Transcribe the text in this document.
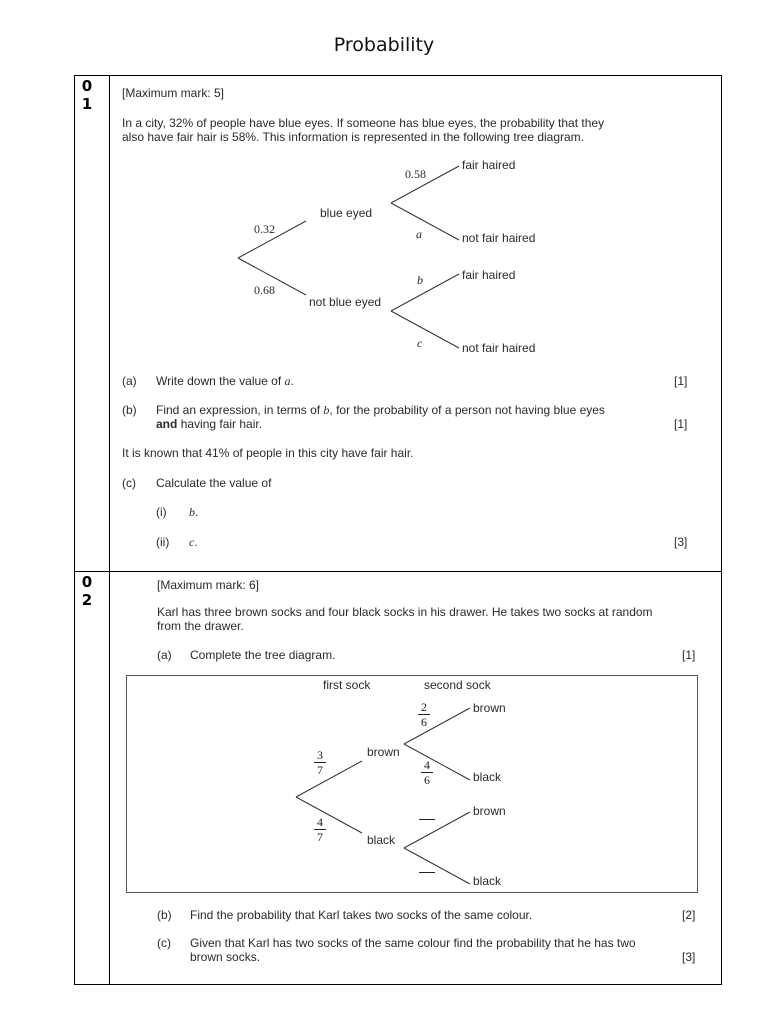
Probability
0
1
0
2
[Maximum mark: 5]
In a city, 32% of people have blue eyes. If someone has blue eyes, the probability that they
also have fair hair is 58%. This information is represented in the following tree diagram.
0.58
fair haired
blue eyed
0.32	a	not fair haired
b	fair haired
0.68
not blue eyed
c	not fair haired
(a) Write down the value of a.	[1]
(b) Find an expression, in terms of b, for the probability of a person not having blue eyes
and having fair hair.	[1]
It is known that 41% of people in this city have fair hair.
(c) Calculate the value of
(i) b.
(ii) c.	[3]
[Maximum mark: 6]
Karl has three brown socks and four black socks in his drawer. He takes two socks at random
from the drawer.
(a) Complete the tree diagram.	[1]
first sock	second sock
2
6
brown
brown
3
7	4
6	black
brown
4
7	black
black
(b) Find the probability that Karl takes two socks of the same colour.	[2]
(c) Given that Karl has two socks of the same colour find the probability that he has two
brown socks.	[3]
